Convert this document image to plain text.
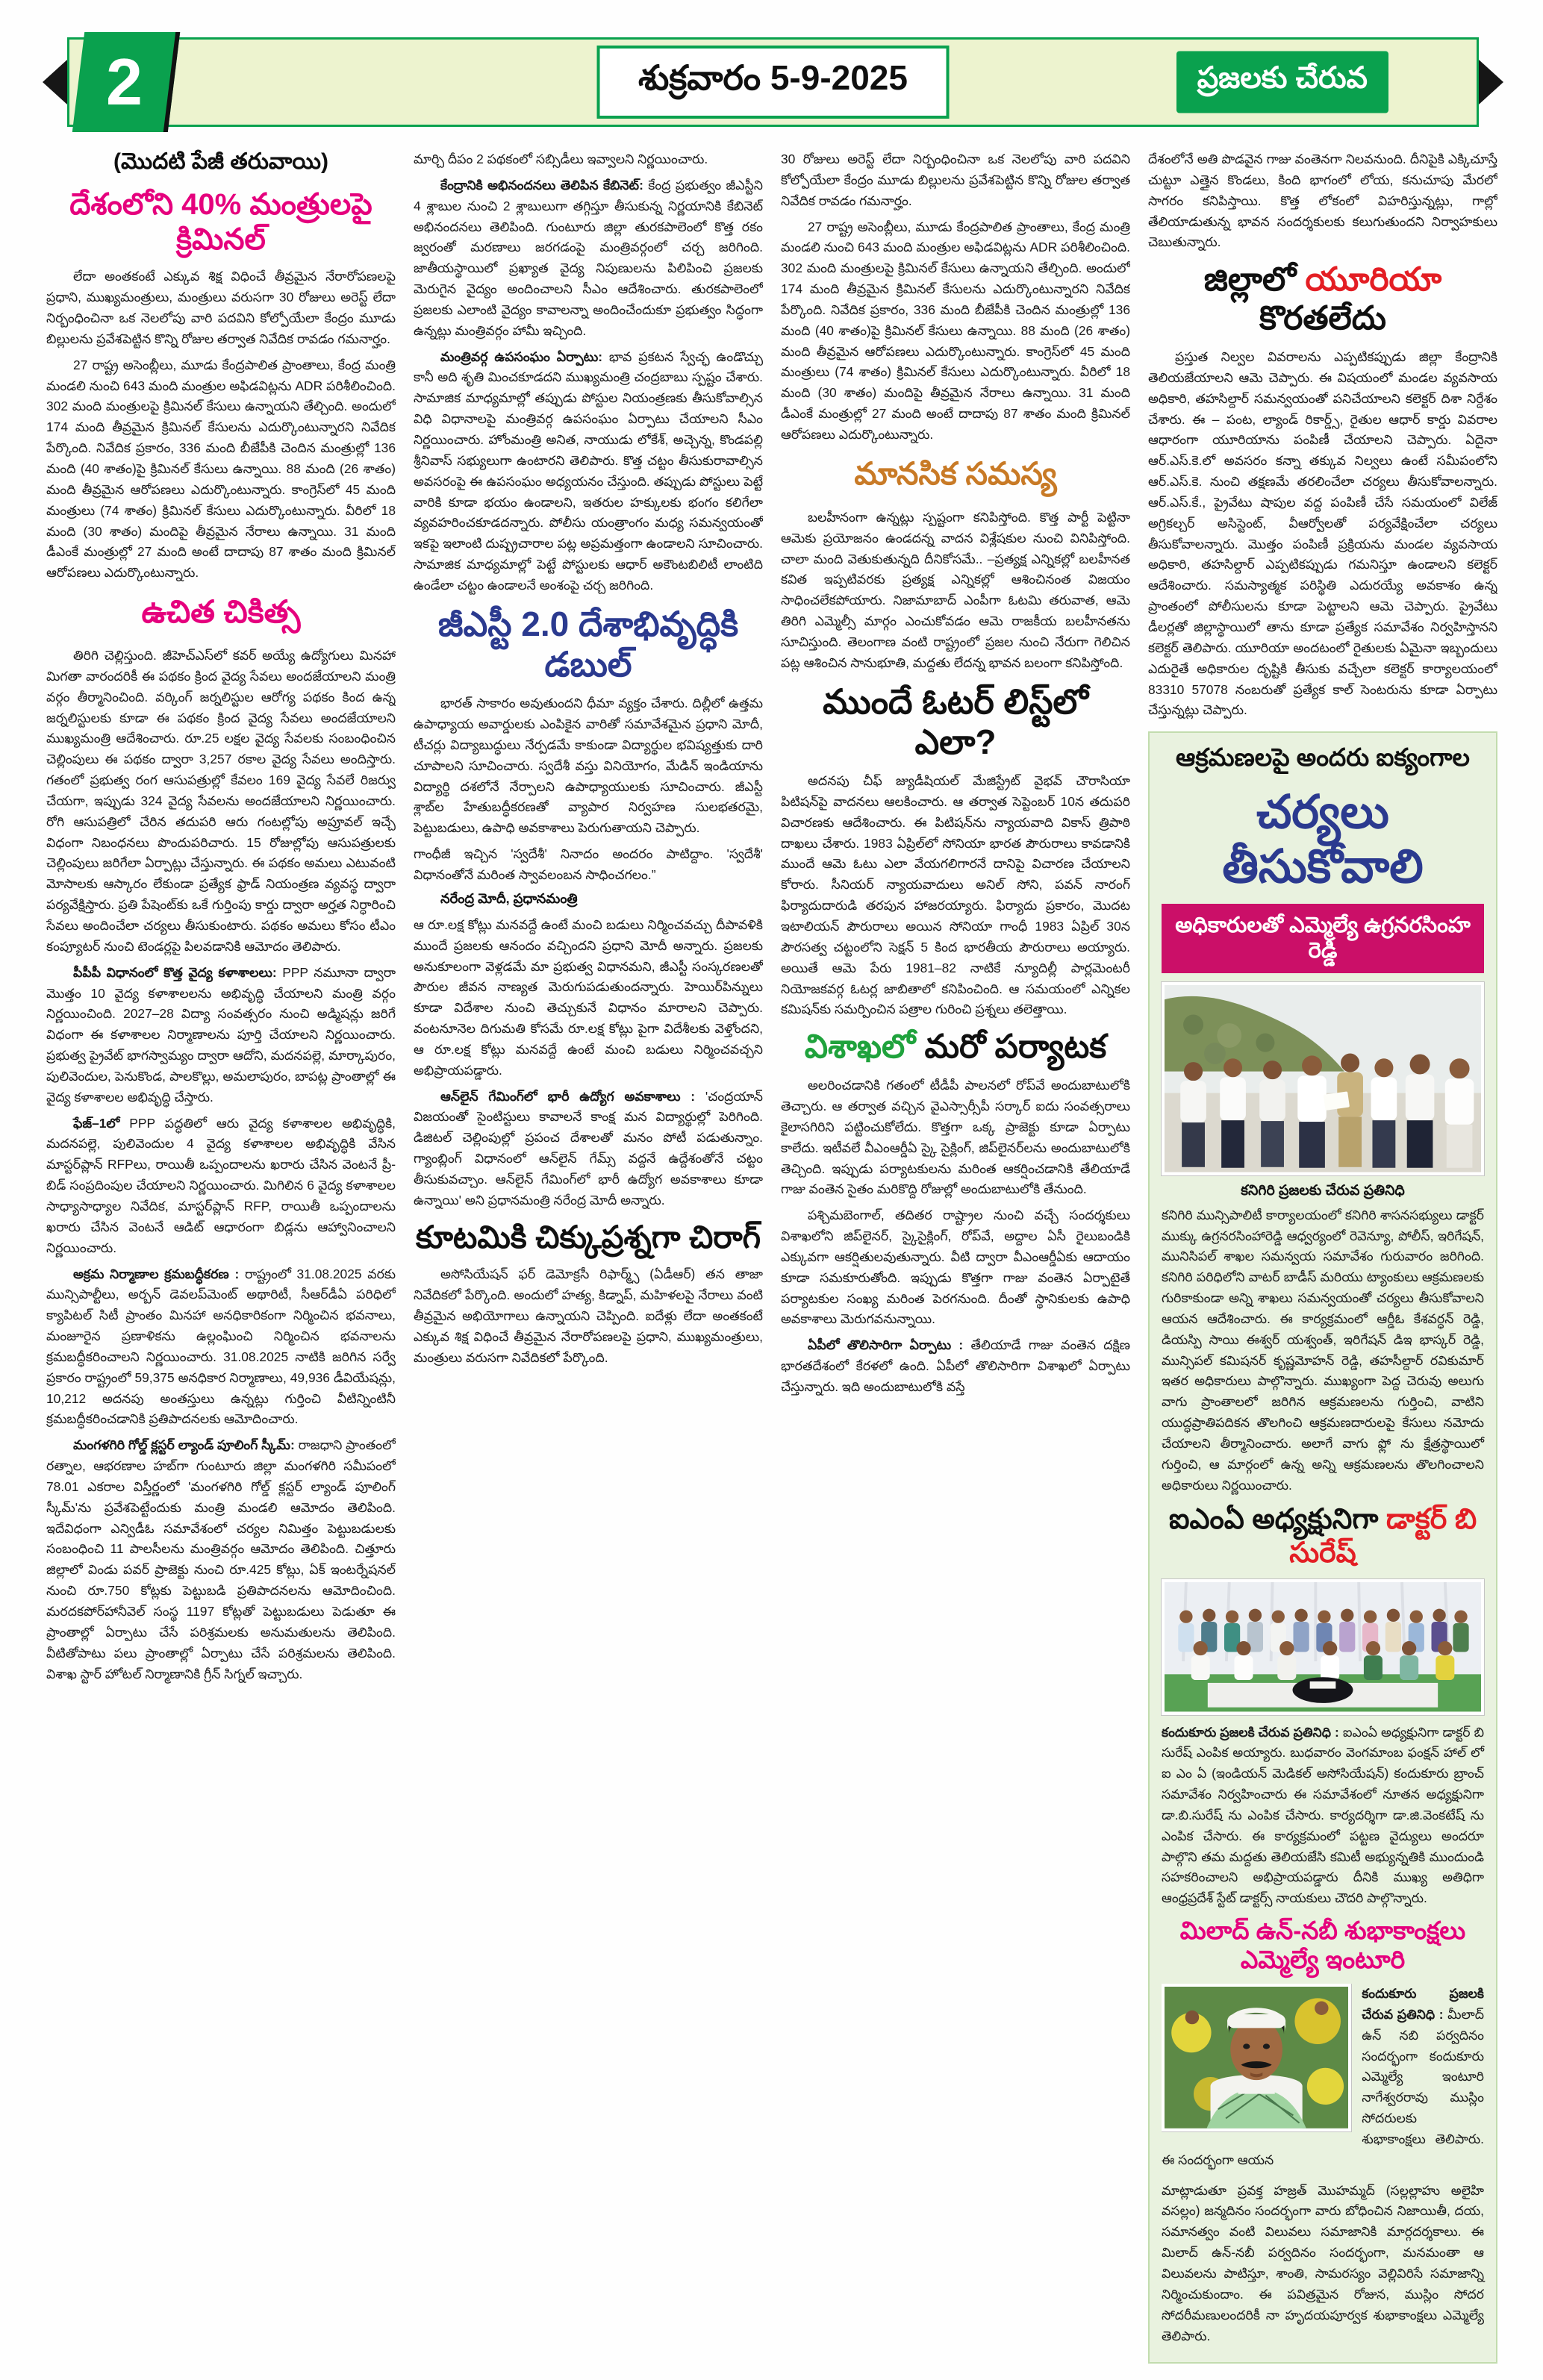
2	శుక్రవారం 5-9-2025	ప్రజలకు చేరువ
(మొదటి పేజీ తరువాయి)
దేశంలోని 40% మంత్రులపై క్రిమినల్

లేదా అంతకంటే ఎక్కువ శిక్ష విధించే తీవ్రమైన నేరారోపణలపై ప్రధాని, ముఖ్యమంత్రులు, మంత్రులు వరుసగా 30 రోజులు అరెస్ట్ లేదా నిర్బంధించినా ఒక నెలలోపు వారి పదవిని కోల్పోయేలా కేంద్రం మూడు బిల్లులను ప్రవేశపెట్టిన కొన్ని రోజుల తర్వాత నివేదిక రావడం గమనార్హం.

27 రాష్ట్ర అసెంబ్లీలు, మూడు కేంద్రపాలిత ప్రాంతాలు, కేంద్ర మంత్రి మండలి నుంచి 643 మంది మంత్రుల అఫిడవిట్లను ADR పరిశీలించింది. 302 మంది మంత్రులపై క్రిమినల్ కేసులు ఉన్నాయని తేల్చింది. అందులో 174 మంది తీవ్రమైన క్రిమినల్ కేసులను ఎదుర్కొంటున్నారని నివేదిక పేర్కొంది. నివేదిక ప్రకారం, 336 మంది బీజేపీకి చెందిన మంత్రుల్లో 136 మంది (40 శాతం)పై క్రిమినల్ కేసులు ఉన్నాయి. 88 మంది (26 శాతం) మంది తీవ్రమైన ఆరోపణలు ఎదుర్కొంటున్నారు. కాంగ్రెస్‌లో 45 మంది మంత్రులు (74 శాతం) క్రిమినల్ కేసులు ఎదుర్కొంటున్నారు. వీరిలో 18 మంది (30 శాతం) మందిపై తీవ్రమైన నేరాలు ఉన్నాయి. 31 మంది డీఎంకే మంత్రుల్లో 27 మంది అంటే దాదాపు 87 శాతం మంది క్రిమినల్ ఆరోపణలు ఎదుర్కొంటున్నారు.

ఉచిత చికిత్స

తిరిగి చెల్లిస్తుంది. జీహెచ్ఎస్‌లో కవర్ అయ్యే ఉద్యోగులు మినహా మిగతా వారందరికీ ఈ పథకం క్రింద వైద్య సేవలు అందజేయాలని మంత్రి వర్గం తీర్మానించింది. వర్కింగ్ జర్నలిస్టుల ఆరోగ్య పథకం కింద ఉన్న జర్నలిస్టులకు కూడా ఈ పథకం క్రింద వైద్య సేవలు అందజేయాలని ముఖ్యమంత్రి ఆదేశించారు. రూ.25 లక్షల వైద్య సేవలకు సంబంధించిన చెల్లింపులు ఈ పథకం ద్వారా 3,257 రకాల వైద్య సేవలు అందిస్తారు. గతంలో ప్రభుత్వ రంగ ఆసుపత్రుల్లో కేవలం 169 వైద్య సేవలే రిజర్వు చేయగా, ఇప్పుడు 324 వైద్య సేవలను అందజేయాలని నిర్ణయించారు. రోగి ఆసుపత్రిలో చేరిన తదుపరి ఆరు గంటల్లోపు అప్రూవల్ ఇచ్చే విధంగా నిబంధనలు పొందుపరిచారు. 15 రోజుల్లోపు ఆసుపత్రులకు చెల్లింపులు జరిగేలా ఏర్పాట్లు చేస్తున్నారు. ఈ పథకం అమలు ఎటువంటి మోసాలకు ఆస్కారం లేకుండా ప్రత్యేక ఫ్రాడ్ నియంత్రణ వ్యవస్థ ద్వారా పర్యవేక్షిస్తారు. ప్రతి పేషెంట్‌కు ఒకే గుర్తింపు కార్డు ద్వారా అర్హత నిర్ధారించి సేవలు అందించేలా చర్యలు తీసుకుంటారు. పథకం అమలు కోసం టీఎం కంప్యూటర్ నుంచి టెండర్లపై పిలవడానికి ఆమోదం తెలిపారు.

పీపీపీ విధానంలో కొత్త వైద్య కళాశాలలు: PPP నమూనా ద్వారా మొత్తం 10 వైద్య కళాశాలలను అభివృద్ధి చేయాలని మంత్రి వర్గం నిర్ణయించింది. 2027–28 విద్యా సంవత్సరం నుంచి అడ్మిషన్లు జరిగే విధంగా ఈ కళాశాలల నిర్మాణాలను పూర్తి చేయాలని నిర్ణయించారు. ప్రభుత్వ ప్రైవేట్ భాగస్వామ్యం ద్వారా ఆదోని, మదనపల్లె, మార్కాపురం, పులివెందుల, పెనుకొండ, పాలకొల్లు, అమలాపురం, బాపట్ల ప్రాంతాల్లో ఈ వైద్య కళాశాలల అభివృద్ధి చేస్తారు.

ఫేజ్–1లో PPP పద్ధతిలో ఆరు వైద్య కళాశాలల అభివృద్ధికి, మదనపల్లె, పులివెందుల 4 వైద్య కళాశాలల అభివృద్ధికి వేసిన మాస్టర్‌ప్లాన్ RFPలు, రాయితీ ఒప్పందాలను ఖరారు చేసిన వెంటనే ప్రీ-బిడ్ సంప్రదింపుల చేయాలని నిర్ణయించారు. మిగిలిన 6 వైద్య కళాశాలల సాధ్యాసాధ్యాల నివేదిక, మాస్టర్‌ప్లాన్ RFP, రాయితీ ఒప్పందాలను ఖరారు చేసిన వెంటనే ఆడిట్ ఆధారంగా బిడ్లను ఆహ్వానించాలని నిర్ణయించారు.

అక్రమ నిర్మాణాల క్రమబద్ధీకరణ : రాష్ట్రంలో 31.08.2025 వరకు మున్సిపాల్టీలు, అర్బన్ డెవలప్‌మెంట్ అథారిటీ, సీఆర్‌డీఏ పరిధిలో క్యాపిటల్ సిటీ ప్రాంతం మినహా అనధికారికంగా నిర్మించిన భవనాలు, మంజూరైన ప్రణాళికను ఉల్లంఘించి నిర్మించిన భవనాలను క్రమబద్ధీకరించాలని నిర్ణయించారు. 31.08.2025 నాటికి జరిగిన సర్వే ప్రకారం రాష్ట్రంలో 59,375 అనధికార నిర్మాణాలు, 49,936 డీవియేషన్లు, 10,212 అదనపు అంతస్తులు ఉన్నట్లు గుర్తించి వీటిన్నింటినీ క్రమబద్ధీకరించడానికి ప్రతిపాదనలకు ఆమోదించారు.

మంగళగిరి గోల్డ్ క్లస్టర్ ల్యాండ్ పూలింగ్ స్కీమ్: రాజధాని ప్రాంతంలో రత్నాల, ఆభరణాల హబ్‌గా గుంటూరు జిల్లా మంగళగిరి సమీపంలో 78.01 ఎకరాల విస్తీర్ణంలో 'మంగళగిరి గోల్డ్ క్లస్టర్ ల్యాండ్ పూలింగ్ స్కీమ్'ను ప్రవేశపెట్టేందుకు మంత్రి మండలి ఆమోదం తెలిపింది. ఇదేవిధంగా ఎన్విడీఓ సమావేశంలో చర్యల నిమిత్తం పెట్టుబడులకు సంబంధించి 11 పాలసీలను మంత్రివర్గం ఆమోదం తెలిపింది. చిత్తూరు జిల్లాలో విండు పవర్ ప్రాజెక్టు నుంచి రూ.425 కోట్లు, ఏక్ ఇంటర్నేషనల్ నుంచి రూ.750 కోట్లకు పెట్టుబడి ప్రతిపాదనలను ఆమోదించింది. మరదకపోర్‌హానీవెల్ సంస్థ 1197 కోట్లతో పెట్టుబడులు పెడుతూ ఈ ప్రాంతాల్లో ఏర్పాటు చేసే పరిశ్రమలకు అనుమతులను తెలిపింది. వీటితోపాటు పలు ప్రాంతాల్లో ఏర్పాటు చేసే పరిశ్రమలను తెలిపింది. విశాఖ స్టార్ హోటల్ నిర్మాణానికి గ్రీన్ సిగ్నల్ ఇచ్చారు.

మార్చి దీపం 2 పథకంలో సబ్సిడీలు ఇవ్వాలని నిర్ణయించారు.

కేంద్రానికి అభినందనలు తెలిపిన కేబినెట్: కేంద్ర ప్రభుత్వం జీఎస్టీని 4 శ్లాబుల నుంచి 2 శ్లాబులుగా తగ్గిస్తూ తీసుకున్న నిర్ణయానికి కేబినెట్ అభినందనలు తెలిపింది. గుంటూరు జిల్లా తురకపాలెంలో కొత్త రకం జ్వరంతో మరణాలు జరగడంపై మంత్రివర్గంలో చర్చ జరిగింది. జాతీయస్థాయిలో ప్రఖ్యాత వైద్య నిపుణులను పిలిపించి ప్రజలకు మెరుగైన వైద్యం అందించాలని సీఎం ఆదేశించారు. తురకపాలెంలో ప్రజలకు ఎలాంటి వైద్యం కావాలన్నా అందించేందుకూ ప్రభుత్వం సిద్ధంగా ఉన్నట్లు మంత్రివర్గం హామీ ఇచ్చింది.

మంత్రివర్గ ఉపసంఘం ఏర్పాటు: భావ ప్రకటన స్వేచ్ఛ ఉండొచ్చు కానీ అది శృతి మించకూడదని ముఖ్యమంత్రి చంద్రబాబు స్పష్టం చేశారు. సామాజిక మాధ్యమాల్లో తప్పుడు పోస్టుల నియంత్రణకు తీసుకోవాల్సిన విధి విధానాలపై మంత్రివర్గ ఉపసంఘం ఏర్పాటు చేయాలని సీఎం నిర్ణయించారు. హోంమంత్రి అనిత, నాయుడు లోకేశ్, అచ్చెన్న, కొండపల్లి శ్రీనివాస్ సభ్యులుగా ఉంటారని తెలిపారు. కొత్త చట్టం తీసుకురావాల్సిన అవసరంపై ఈ ఉపసంఘం అధ్యయనం చేస్తుంది. తప్పుడు పోస్టులు పెట్టే వారికి కూడా భయం ఉండాలని, ఇతరుల హక్కులకు భంగం కలిగేలా వ్యవహరించకూడదన్నారు. పోలీసు యంత్రాంగం మధ్య సమన్వయంతో ఇకపై ఇలాంటి దుష్ప్రచారాల పట్ల అప్రమత్తంగా ఉండాలని సూచించారు. సామాజిక మాధ్యమాల్లో పెట్టే పోస్టులకు ఆధార్ అకౌంటబిలిటీ లాంటిది ఉండేలా చట్టం ఉండాలనే అంశంపై చర్చ జరిగింది.

జీఎస్టీ 2.0 దేశాభివృద్ధికి డబుల్

భారత్ సాకారం అవుతుందని ధీమా వ్యక్తం చేశారు. దిల్లీలో ఉత్తమ ఉపాధ్యాయ అవార్డులకు ఎంపికైన వారితో సమావేశమైన ప్రధాని మోదీ, టీచర్లు విద్యాబుద్ధులు నేర్పడమే కాకుండా విద్యార్థుల భవిష్యత్తుకు దారి చూపాలని సూచించారు. స్వదేశీ వస్తు వినియోగం, మేడిన్ ఇండియాను విద్యార్థి దశలోనే నేర్పాలని ఉపాధ్యాయులకు సూచించారు. జీఎస్టీ శ్లాబ్‌ల హేతుబద్ధీకరణతో వ్యాపార నిర్వహణ సులభతరమై, పెట్టుబడులు, ఉపాధి అవకాశాలు పెరుగుతాయని చెప్పారు.

గాంధీజీ ఇచ్చిన 'స్వదేశీ' నినాదం అందరం పాటిద్దాం. 'స్వదేశీ' విధానంతోనే మరింత స్వావలంబన సాధించగలం.”

నరేంద్ర మోదీ, ప్రధానమంత్రి

ఆ రూ.లక్ష కోట్లు మనవద్దే ఉంటే మంచి బడులు నిర్మించవచ్చు దీపావళికి ముందే ప్రజలకు ఆనందం వచ్చిందని ప్రధాని మోదీ అన్నారు. ప్రజలకు అనుకూలంగా వెళ్లడమే మా ప్రభుత్వ విధానమని, జీఎస్టీ సంస్కరణలతో పౌరుల జీవన నాణ్యత మెరుగుపడుతుందన్నారు. హెయిర్‌పిన్నులు కూడా విదేశాల నుంచి తెచ్చుకునే విధానం మారాలని చెప్పారు. వంటనూనెల దిగుమతి కోసమే రూ.లక్ష కోట్లు పైగా విదేశీలకు వెళ్తోందని, ఆ రూ.లక్ష కోట్లు మనవద్దే ఉంటే మంచి బడులు నిర్మించవచ్చని అభిప్రాయపడ్డారు.

ఆన్‌లైన్ గేమింగ్‌లో భారీ ఉద్యోగ అవకాశాలు : 'చంద్రయాన్ విజయంతో సైంటిస్టులు కావాలనే కాంక్ష మన విద్యార్థుల్లో పెరిగింది. డిజిటల్ చెల్లింపుల్లో ప్రపంచ దేశాలతో మనం పోటీ పడుతున్నాం. గ్యాంబ్లింగ్ విధానంలో ఆన్‌లైన్ గేమ్స్ వద్దనే ఉద్దేశంతోనే చట్టం తీసుకువచ్చాం. ఆన్‌లైన్ గేమింగ్‌లో భారీ ఉద్యోగ అవకాశాలు కూడా ఉన్నాయి' అని ప్రధానమంత్రి నరేంద్ర మోదీ అన్నారు.

కూటమికి చిక్కుప్రశ్నగా చిరాగ్

అసోసియేషన్ ఫర్ డెమోక్రసీ రిఫార్మ్స్ (ఏడీఆర్) తన తాజా నివేదికలో పేర్కొంది. అందులో హత్య, కిడ్నాప్, మహిళలపై నేరాలు వంటి తీవ్రమైన అభియోగాలు ఉన్నాయని చెప్పింది. ఐదేళ్లు లేదా అంతకంటే ఎక్కువ శిక్ష విధించే తీవ్రమైన నేరారోపణలపై ప్రధాని, ముఖ్యమంత్రులు, మంత్రులు వరుసగా నివేదికలో పేర్కొంది.

30 రోజులు అరెస్ట్ లేదా నిర్బంధించినా ఒక నెలలోపు వారి పదవిని కోల్పోయేలా కేంద్రం మూడు బిల్లులను ప్రవేశపెట్టిన కొన్ని రోజుల తర్వాత నివేదిక రావడం గమనార్హం.

27 రాష్ట్ర అసెంబ్లీలు, మూడు కేంద్రపాలిత ప్రాంతాలు, కేంద్ర మంత్రి మండలి నుంచి 643 మంది మంత్రుల అఫిడవిట్లను ADR పరిశీలించింది. 302 మంది మంత్రులపై క్రిమినల్ కేసులు ఉన్నాయని తేల్చింది. అందులో 174 మంది తీవ్రమైన క్రిమినల్ కేసులను ఎదుర్కొంటున్నారని నివేదిక పేర్కొంది. నివేదిక ప్రకారం, 336 మంది బీజేపీకి చెందిన మంత్రుల్లో 136 మంది (40 శాతం)పై క్రిమినల్ కేసులు ఉన్నాయి. 88 మంది (26 శాతం) మంది తీవ్రమైన ఆరోపణలు ఎదుర్కొంటున్నారు. కాంగ్రెస్‌లో 45 మంది మంత్రులు (74 శాతం) క్రిమినల్ కేసులు ఎదుర్కొంటున్నారు. వీరిలో 18 మంది (30 శాతం) మందిపై తీవ్రమైన నేరాలు ఉన్నాయి. 31 మంది డీఎంకే మంత్రుల్లో 27 మంది అంటే దాదాపు 87 శాతం మంది క్రిమినల్ ఆరోపణలు ఎదుర్కొంటున్నారు.

మానసిక సమస్య

బలహీనంగా ఉన్నట్లు స్పష్టంగా కనిపిస్తోంది. కొత్త పార్టీ పెట్టినా ఆమెకు ప్రయోజనం ఉండదన్న వాదన విశ్లేషకుల నుంచి వినిపిస్తోంది. చాలా మంది వెతుకుతున్నది దీనికోసమే.. –ప్రత్యక్ష ఎన్నికల్లో బలహీనత కవిత ఇప్పటివరకు ప్రత్యక్ష ఎన్నికల్లో ఆశించినంత విజయం సాధించలేకపోయారు. నిజామాబాద్ ఎంపీగా ఓటమి తరువాత, ఆమె తిరిగి ఎమ్మెల్సీ మార్గం ఎంచుకోవడం ఆమె రాజకీయ బలహీనతను సూచిస్తుంది. తెలంగాణ వంటి రాష్ట్రంలో ప్రజల నుంచి నేరుగా గెలిచిన పట్ల ఆశించిన సానుభూతి, మద్దతు లేదన్న భావన బలంగా కనిపిస్తోంది.

ముందే ఓటర్ లిస్ట్‌లో ఎలా?

అదనపు చీఫ్ జ్యుడీషియల్ మేజిస్ట్రేట్ వైభవ్ చౌరాసియా పిటిషన్‌పై వాదనలు ఆలకించారు. ఆ తర్వాత సెప్టెంబర్ 10న తదుపరి విచారణకు ఆదేశించారు. ఈ పిటిషన్‌ను న్యాయవాది వికాస్ త్రిపాఠి దాఖలు చేశారు. 1983 ఏప్రిల్‌లో సోనియా భారత పౌరురాలు కావడానికి ముందే ఆమె ఓటు ఎలా వేయగలిగారనే దానిపై విచారణ చేయాలని కోరారు. సీనియర్ న్యాయవాదులు అనిల్ సోని, పవన్ నారంగ్ ఫిర్యాదుదారుడి తరపున హాజరయ్యారు. ఫిర్యాదు ప్రకారం, మొదట ఇటాలియన్ పౌరురాలు అయిన సోనియా గాంధీ 1983 ఏప్రిల్ 30న పౌరసత్వ చట్టంలోని సెక్షన్ 5 కింద భారతీయ పౌరురాలు అయ్యారు. అయితే ఆమె పేరు 1981–82 నాటికే న్యూదిల్లీ పార్లమెంటరీ నియోజకవర్గ ఓటర్ల జాబితాలో కనిపించింది. ఆ సమయంలో ఎన్నికల కమిషన్‌కు సమర్పించిన పత్రాల గురించి ప్రశ్నలు తలెత్తాయి.

విశాఖలో మరో పర్యాటక

అలరించడానికి గతంలో టీడీపీ పాలనలో రోప్‌వే అందుబాటులోకి తెచ్చారు. ఆ తర్వాత వచ్చిన వైఎస్సార్సీపీ సర్కార్ ఐదు సంవత్సరాలు కైలాసగిరిని పట్టించుకోలేదు. కొత్తగా ఒక్క ప్రాజెక్టు కూడా ఏర్పాటు కాలేదు. ఇటీవలే వీఎంఆర్డీఏ స్కై సైక్లింగ్, జిప్‌లైనర్‌లను అందుబాటులోకి తెచ్చింది. ఇప్పుడు పర్యాటకులను మరింత ఆకర్షించడానికి తేలియాడే గాజు వంతెన సైతం మరికొద్ది రోజుల్లో అందుబాటులోకి తేనుంది.

పశ్చిమబెంగాల్, తదితర రాష్ట్రాల నుంచి వచ్చే సందర్శకులు విశాఖలోని జిప్‌లైనర్, స్కైసైక్లింగ్, రోప్‌వే, అద్దాల ఏసీ రైలుబండికి ఎక్కువగా ఆకర్షితులవుతున్నారు. వీటి ద్వారా వీఎంఆర్డీఏకు ఆదాయం కూడా సమకూరుతోంది. ఇప్పుడు కొత్తగా గాజు వంతెన ఏర్పాటైతే పర్యాటకుల సంఖ్య మరింత పెరగనుంది. దీంతో స్థానికులకు ఉపాధి అవకాశాలు మెరుగవనున్నాయి.

ఏపీలో తొలిసారిగా ఏర్పాటు : తేలియాడే గాజు వంతెన దక్షిణ భారతదేశంలో కేరళలో ఉంది. ఏపీలో తొలిసారిగా విశాఖలో ఏర్పాటు చేస్తున్నారు. ఇది అందుబాటులోకి వస్తే

దేశంలోనే అతి పొడవైన గాజు వంతెనగా నిలవనుంది. దీనిపైకి ఎక్కిచూస్తే చుట్టూ ఎత్తైన కొండలు, కింది భాగంలో లోయ, కనుచూపు మేరలో సాగరం కనిపిస్తాయి. కొత్త లోకంలో విహరిస్తున్నట్లు, గాల్లో తేలియాడుతున్న భావన సందర్శకులకు కలుగుతుందని నిర్వాహకులు చెబుతున్నారు.

జిల్లాలో యూరియా కొరతలేదు

ప్రస్తుత నిల్వల వివరాలను ఎప్పటికప్పుడు జిల్లా కేంద్రానికి తెలియజేయాలని ఆమె చెప్పారు. ఈ విషయంలో మండల వ్యవసాయ అధికారి, తహసిల్దార్ సమన్వయంతో పనిచేయాలని కలెక్టర్ దిశా నిర్దేశం చేశారు. ఈ – పంట, ల్యాండ్ రికార్డ్స్, రైతుల ఆధార్ కార్డు వివరాల ఆధారంగా యూరియాను పంపిణీ చేయాలని చెప్పారు. ఏదైనా ఆర్.ఎస్.కె.లో అవసరం కన్నా తక్కువ నిల్వలు ఉంటే సమీపంలోని ఆర్.ఎస్.కె. నుంచి తక్షణమే తరలించేలా చర్యలు తీసుకోవాలన్నారు. ఆర్.ఎస్.కే., ప్రైవేటు షాపుల వద్ద పంపిణీ చేసే సమయంలో విలేజ్ అగ్రికల్చర్ అసిస్టెంట్, వీఆర్వోలతో పర్యవేక్షించేలా చర్యలు తీసుకోవాలన్నారు. మొత్తం పంపిణీ ప్రక్రియను మండల వ్యవసాయ అధికారి, తహసిల్దార్ ఎప్పటికప్పుడు గమనిస్తూ ఉండాలని కలెక్టర్ ఆదేశించారు. సమస్యాత్మక పరిస్థితి ఎదురయ్యే అవకాశం ఉన్న ప్రాంతంలో పోలీసులను కూడా పెట్టాలని ఆమె చెప్పారు. ప్రైవేటు డీలర్లతో జిల్లాస్థాయిలో తాను కూడా ప్రత్యేక సమావేశం నిర్వహిస్తానని కలెక్టర్ తెలిపారు. యూరియా అందటంలో రైతులకు ఏమైనా ఇబ్బందులు ఎదురైతే అధికారుల దృష్టికి తీసుకు వచ్చేలా కలెక్టర్ కార్యాలయంలో 83310 57078 నంబరుతో ప్రత్యేక కాల్ సెంటరును కూడా ఏర్పాటు చేస్తున్నట్లు చెప్పారు.

ఆక్రమణలపై అందరు ఐక్యంగాల
చర్యలు తీసుకోవాలి
అధికారులతో ఎమ్మెల్యే ఉగ్రనరసింహ రెడ్డి
కనిగిరి ప్రజలకు చేరువ ప్రతినిధి

కనిగిరి మున్సిపాలిటీ కార్యాలయంలో కనిగిరి శాసనసభ్యులు డాక్టర్ ముక్కు ఉగ్రనరసింహారెడ్డి ఆధ్వర్యంలో రెవెన్యూ, పోలీస్, ఇరిగేషన్, మునిసిపల్ శాఖల సమన్వయ సమావేశం గురువారం జరిగింది. కనిగిరి పరిధిలోని వాటర్ బాడీస్ మరియు ట్యాంకులు ఆక్రమణలకు గురికాకుండా అన్ని శాఖలు సమన్వయంతో చర్యలు తీసుకోవాలని ఆయన ఆదేశించారు. ఈ కార్యక్రమంలో ఆర్డీఓ కేశవర్ధన్ రెడ్డి, డియస్పి సాయి ఈశ్వర్ యశ్వంత్, ఇరిగేషన్ డిఇ భాస్కర్ రెడ్డి, మున్సిపల్ కమిషనర్ కృష్ణమోహన్ రెడ్డి, తహసీల్దార్ రవికుమార్ ఇతర అధికారులు పాల్గొన్నారు. ముఖ్యంగా పెద్ద చెరువు అలుగు వాగు ప్రాంతాలలో జరిగిన ఆక్రమణలను గుర్తించి, వాటిని యుద్ధప్రాతిపదికన తొలగించి ఆక్రమణదారులపై కేసులు నమోదు చేయాలని తీర్మానించారు. అలాగే వాగు ఫ్లో ను క్షేత్రస్థాయిలో గుర్తించి, ఆ మార్గంలో ఉన్న అన్ని ఆక్రమణలను తొలగించాలని అధికారులు నిర్ణయించారు.

ఐఎంఏ అధ్యక్షునిగా డాక్టర్ బి సురేష్

కందుకూరు ప్రజలకి చేరువ ప్రతినిధి : ఐఎంఏ అధ్యక్షునిగా డాక్టర్ బి సురేష్ ఎంపిక అయ్యారు. బుధవారం వెంగమాంబ ఫంక్షన్ హాల్ లో ఐ ఎం ఏ (ఇండియన్ మెడికల్ అసోసియేషన్) కందుకూరు బ్రాంచ్ సమావేశం నిర్వహించారు ఈ సమావేశంలో నూతన అధ్యక్షునిగా డా.బి.సురేష్ ను ఎంపిక చేసారు. కార్యదర్శిగా డా.జి.వెంకటేష్ ను ఎంపిక చేసారు. ఈ కార్యక్రమంలో పట్టణ వైద్యులు అందరూ పాల్గొని తమ మద్దతు తెలియజేసి కమిటీ అభ్యున్నతికి ముందుండి సహకరించాలని అభిప్రాయపడ్డారు దీనికి ముఖ్య అతిధిగా ఆంధ్రప్రదేశ్ స్టేట్ డాక్టర్స్ నాయకులు చౌదరి పాల్గొన్నారు.

మిలాద్ ఉన్-నబీ శుభాకాంక్షలు ఎమ్మెల్యే ఇంటూరి

కందుకూరు ప్రజలకి చేరువ ప్రతినిధి : మీలాద్ ఉన్ నబి పర్వదినం సందర్భంగా కందుకూరు ఎమ్మెల్యే ఇంటూరి నాగేశ్వరరావు ముస్లిం సోదరులకు శుభాకాంక్షలు తెలిపారు. ఈ సందర్భంగా ఆయన

మాట్లాడుతూ ప్రవక్త హజ్రత్ మొహమ్మద్ (సల్లల్లాహు అలైహి వసల్లం) జన్మదినం సందర్భంగా వారు బోధించిన నిజాయితీ, దయ, సమానత్వం వంటి విలువలు సమాజానికి మార్గదర్శకాలు. ఈ మిలాద్ ఉన్-నబీ పర్వదినం సందర్భంగా, మనమంతా ఆ విలువలను పాటిస్తూ, శాంతి, సామరస్యం వెల్లివిరిసే సమాజాన్ని నిర్మించుకుందాం. ఈ పవిత్రమైన రోజున, ముస్లిం సోదర సోదరీమణులందరికీ నా హృదయపూర్వక శుభాకాంక్షలు ఎమ్మెల్యే తెలిపారు.
